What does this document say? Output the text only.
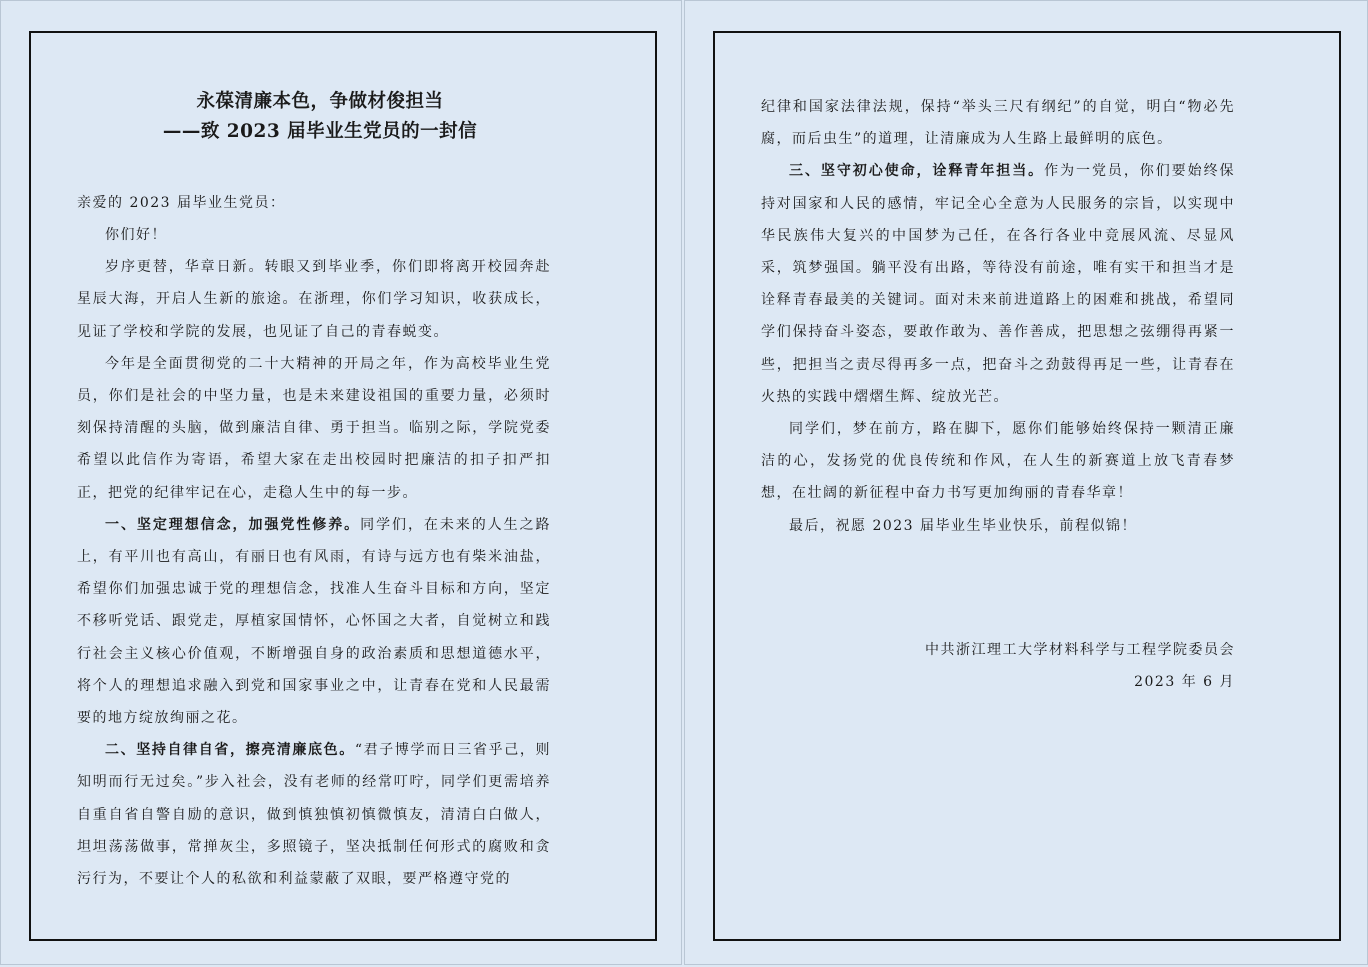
永葆清廉本色，争做材俊担当
——致 2023 届毕业生党员的一封信

亲爱的 2023 届毕业生党员：

你们好！

岁序更替，华章日新。转眼又到毕业季，你们即将离开校园奔赴星辰大海，开启人生新的旅途。在浙理，你们学习知识，收获成长，见证了学校和学院的发展，也见证了自己的青春蜕变。

今年是全面贯彻党的二十大精神的开局之年，作为高校毕业生党员，你们是社会的中坚力量，也是未来建设祖国的重要力量，必须时刻保持清醒的头脑，做到廉洁自律、勇于担当。临别之际，学院党委希望以此信作为寄语，希望大家在走出校园时把廉洁的扣子扣严扣正，把党的纪律牢记在心，走稳人生中的每一步。

一、坚定理想信念，加强党性修养。同学们，在未来的人生之路上，有平川也有高山，有丽日也有风雨，有诗与远方也有柴米油盐，希望你们加强忠诚于党的理想信念，找准人生奋斗目标和方向，坚定不移听党话、跟党走，厚植家国情怀，心怀国之大者，自觉树立和践行社会主义核心价值观，不断增强自身的政治素质和思想道德水平，将个人的理想追求融入到党和国家事业之中，让青春在党和人民最需要的地方绽放绚丽之花。

二、坚持自律自省，擦亮清廉底色。“君子博学而日三省乎己，则知明而行无过矣。”步入社会，没有老师的经常叮咛，同学们更需培养自重自省自警自励的意识，做到慎独慎初慎微慎友，清清白白做人，坦坦荡荡做事，常掸灰尘，多照镜子，坚决抵制任何形式的腐败和贪污行为，不要让个人的私欲和利益蒙蔽了双眼，要严格遵守党的

纪律和国家法律法规，保持“举头三尺有纲纪”的自觉，明白“物必先腐，而后虫生”的道理，让清廉成为人生路上最鲜明的底色。

三、坚守初心使命，诠释青年担当。作为一党员，你们要始终保持对国家和人民的感情，牢记全心全意为人民服务的宗旨，以实现中华民族伟大复兴的中国梦为己任，在各行各业中竞展风流、尽显风采，筑梦强国。躺平没有出路，等待没有前途，唯有实干和担当才是诠释青春最美的关键词。面对未来前进道路上的困难和挑战，希望同学们保持奋斗姿态，要敢作敢为、善作善成，把思想之弦绷得再紧一些，把担当之责尽得再多一点，把奋斗之劲鼓得再足一些，让青春在火热的实践中熠熠生辉、绽放光芒。

同学们，梦在前方，路在脚下，愿你们能够始终保持一颗清正廉洁的心，发扬党的优良传统和作风，在人生的新赛道上放飞青春梦想，在壮阔的新征程中奋力书写更加绚丽的青春华章！

最后，祝愿 2023 届毕业生毕业快乐，前程似锦！

中共浙江理工大学材料科学与工程学院委员会
2023 年 6 月
